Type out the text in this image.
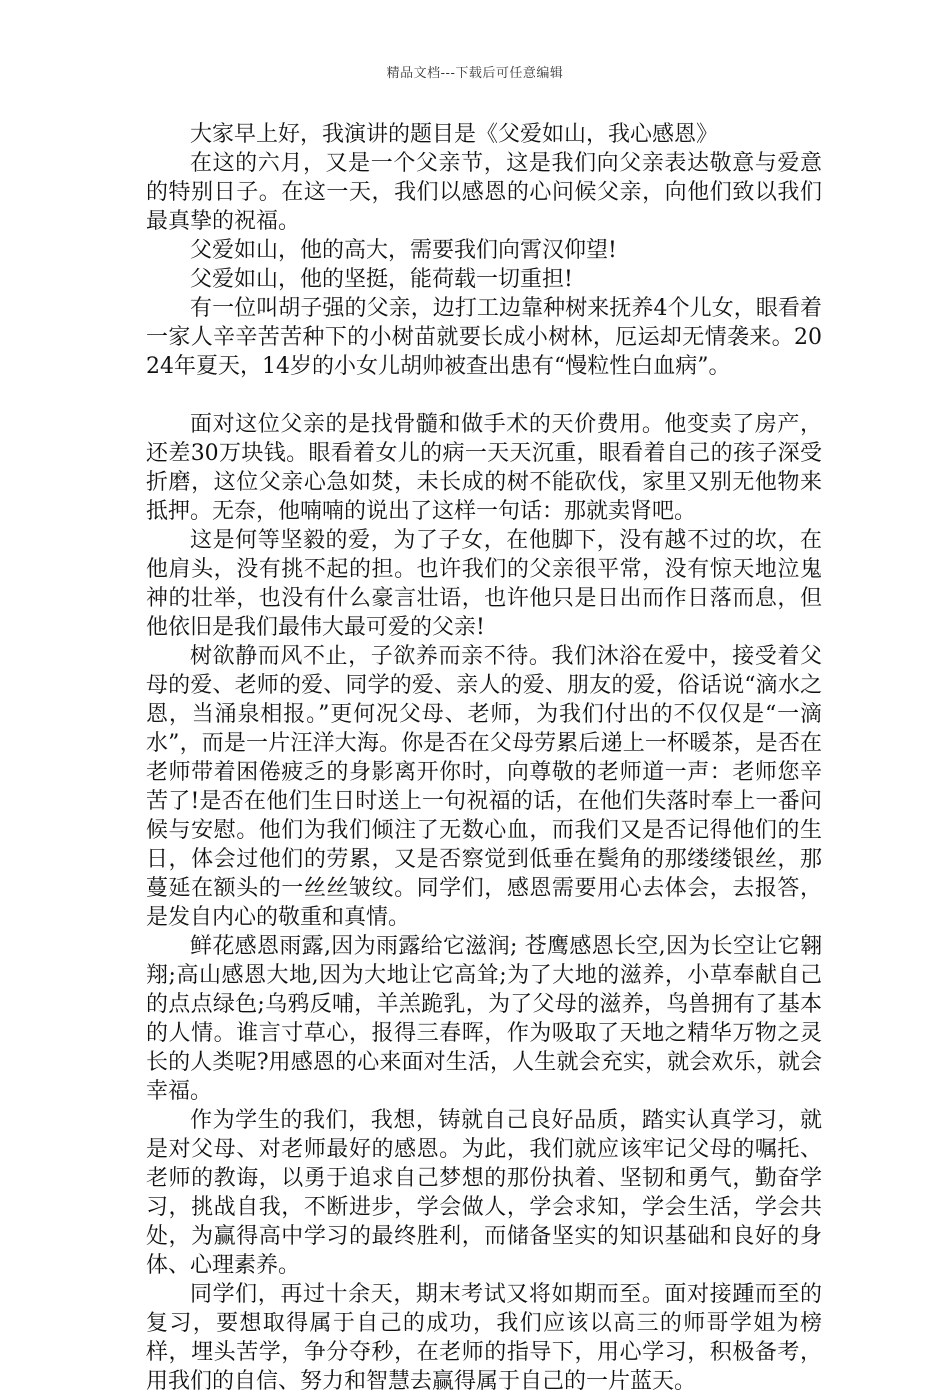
精品文档---下载后可任意编辑

大家早上好，我演讲的题目是《父爱如山，我心感恩》

在这的六月，又是一个父亲节，这是我们向父亲表达敬意与爱意的特别日子。在这一天，我们以感恩的心问候父亲，向他们致以我们最真挚的祝福。

父爱如山，他的高大，需要我们向霄汉仰望!

父爱如山，他的坚挺，能荷载一切重担!

有一位叫胡子强的父亲，边打工边靠种树来抚养4个儿女，眼看着一家人辛辛苦苦种下的小树苗就要长成小树林，厄运却无情袭来。2024年夏天，14岁的小女儿胡帅被查出患有“慢粒性白血病”。

面对这位父亲的是找骨髓和做手术的天价费用。他变卖了房产，还差30万块钱。眼看着女儿的病一天天沉重，眼看着自己的孩子深受折磨，这位父亲心急如焚，未长成的树不能砍伐，家里又别无他物来抵押。无奈，他喃喃的说出了这样一句话：那就卖肾吧。

这是何等坚毅的爱，为了子女，在他脚下，没有越不过的坎，在他肩头，没有挑不起的担。也许我们的父亲很平常，没有惊天地泣鬼神的壮举，也没有什么豪言壮语，也许他只是日出而作日落而息，但他依旧是我们最伟大最可爱的父亲!

树欲静而风不止，子欲养而亲不待。我们沐浴在爱中，接受着父母的爱、老师的爱、同学的爱、亲人的爱、朋友的爱，俗话说“滴水之恩，当涌泉相报。”更何况父母、老师，为我们付出的不仅仅是“一滴水”，而是一片汪洋大海。你是否在父母劳累后递上一杯暖茶，是否在老师带着困倦疲乏的身影离开你时，向尊敬的老师道一声：老师您辛苦了!是否在他们生日时送上一句祝福的话，在他们失落时奉上一番问候与安慰。他们为我们倾注了无数心血，而我们又是否记得他们的生日，体会过他们的劳累，又是否察觉到低垂在鬓角的那缕缕银丝，那蔓延在额头的一丝丝皱纹。同学们，感恩需要用心去体会，去报答，是发自内心的敬重和真情。

鲜花感恩雨露,因为雨露给它滋润; 苍鹰感恩长空,因为长空让它翱翔;高山感恩大地,因为大地让它高耸;为了大地的滋养，小草奉献自己的点点绿色;乌鸦反哺，羊羔跪乳，为了父母的滋养，鸟兽拥有了基本的人情。谁言寸草心，报得三春晖，作为吸取了天地之精华万物之灵长的人类呢?用感恩的心来面对生活，人生就会充实，就会欢乐，就会幸福。

作为学生的我们，我想，铸就自己良好品质，踏实认真学习，就是对父母、对老师最好的感恩。为此，我们就应该牢记父母的嘱托、老师的教诲，以勇于追求自己梦想的那份执着、坚韧和勇气，勤奋学习，挑战自我，不断进步，学会做人，学会求知，学会生活，学会共处，为赢得高中学习的最终胜利，而储备坚实的知识基础和良好的身体、心理素养。

同学们，再过十余天，期末考试又将如期而至。面对接踵而至的复习，要想取得属于自己的成功，我们应该以高三的师哥学姐为榜样，埋头苦学，争分夺秒，在老师的指导下，用心学习，积极备考，用我们的自信、努力和智慧去赢得属于自己的一片蓝天。
